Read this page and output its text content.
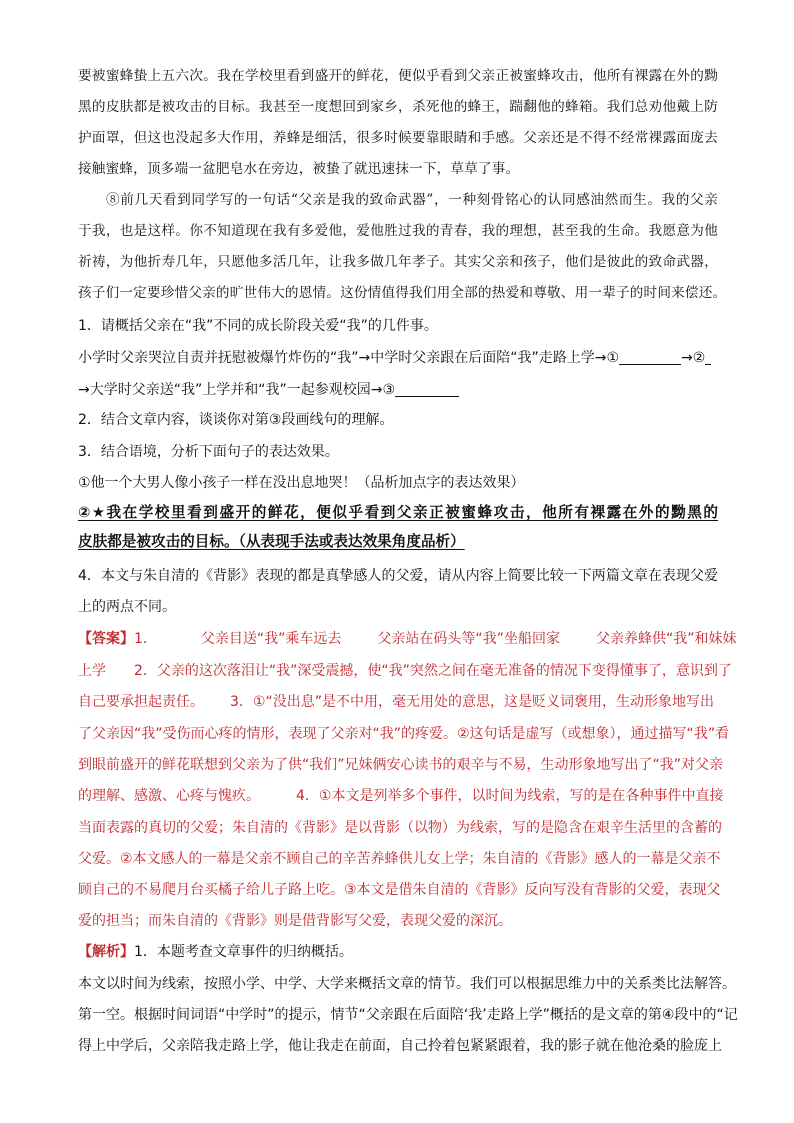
要被蜜蜂蛰上五六次。我在学校里看到盛开的鲜花，便似乎看到父亲正被蜜蜂攻击，他所有裸露在外的黝
黑的皮肤都是被攻击的目标。我甚至一度想回到家乡，杀死他的蜂王，踹翻他的蜂箱。我们总劝他戴上防
护面罩，但这也没起多大作用，养蜂是细活，很多时候要靠眼睛和手感。父亲还是不得不经常裸露面庞去
接触蜜蜂，顶多端一盆肥皂水在旁边，被蛰了就迅速抹一下，草草了事。
⑧前几天看到同学写的一句话“父亲是我的致命武器”，一种刻骨铭心的认同感油然而生。我的父亲
于我，也是这样。你不知道现在我有多爱他，爱他胜过我的青春，我的理想，甚至我的生命。我愿意为他
祈祷，为他折寿几年，只愿他多活几年，让我多做几年孝子。其实父亲和孩子，他们是彼此的致命武器，
孩子们一定要珍惜父亲的旷世伟大的恩情。这份情值得我们用全部的热爱和尊敬、用一辈子的时间来偿还。
1．请概括父亲在“我”不同的成长阶段关爱“我”的几件事。
小学时父亲哭泣自责并抚慰被爆竹炸伤的“我”→中学时父亲跟在后面陪“我”走路上学→①	→②
→大学时父亲送“我”上学并和“我”一起参观校园→③
2．结合文章内容，谈谈你对第③段画线句的理解。
3．结合语境，分析下面句子的表达效果。
①他一个大男人像小孩子一样在没出息地哭！（品析加点字的表达效果）
②★我在学校里看到盛开的鲜花，便似乎看到父亲正被蜜蜂攻击，他所有裸露在外的黝黑的
皮肤都是被攻击的目标。（从表现手法或表达效果角度品析）
4．本文与朱自清的《背影》表现的都是真挚感人的父爱，请从内容上简要比较一下两篇文章在表现父爱
上的两点不同。
【答案】1．	父亲目送“我”乘车远去	父亲站在码头等“我”坐船回家	父亲养蜂供“我”和妹妹
上学 2．父亲的这次落泪让“我”深受震撼，使“我”突然之间在毫无准备的情况下变得懂事了，意识到了
自己要承担起责任。 3．①“没出息”是不中用，毫无用处的意思，这是贬义词褒用，生动形象地写出
了父亲因“我”受伤而心疼的情形，表现了父亲对“我”的疼爱。②这句话是虚写（或想象），通过描写“我”看
到眼前盛开的鲜花联想到父亲为了供“我们”兄妹俩安心读书的艰辛与不易，生动形象地写出了“我”对父亲
的理解、感激、心疼与愧疚。	4．①本文是列举多个事件，以时间为线索，写的是在各种事件中直接
当面表露的真切的父爱；朱自清的《背影》是以背影（以物）为线索，写的是隐含在艰辛生活里的含蓄的
父爱。②本文感人的一幕是父亲不顾自己的辛苦养蜂供儿女上学；朱自清的《背影》感人的一幕是父亲不
顾自己的不易爬月台买橘子给儿子路上吃。③本文是借朱自清的《背影》反向写没有背影的父爱，表现父
爱的担当；而朱自清的《背影》则是借背影写父爱，表现父爱的深沉。
【解析】1．本题考查文章事件的归纳概括。
本文以时间为线索，按照小学、中学、大学来概括文章的情节。我们可以根据思维力中的关系类比法解答。
第一空。根据时间词语“中学时”的提示，情节“父亲跟在后面陪‘我’走路上学”概括的是文章的第④段中的“记
得上中学后，父亲陪我走路上学，他让我走在前面，自己拎着包紧紧跟着，我的影子就在他沧桑的脸庞上
